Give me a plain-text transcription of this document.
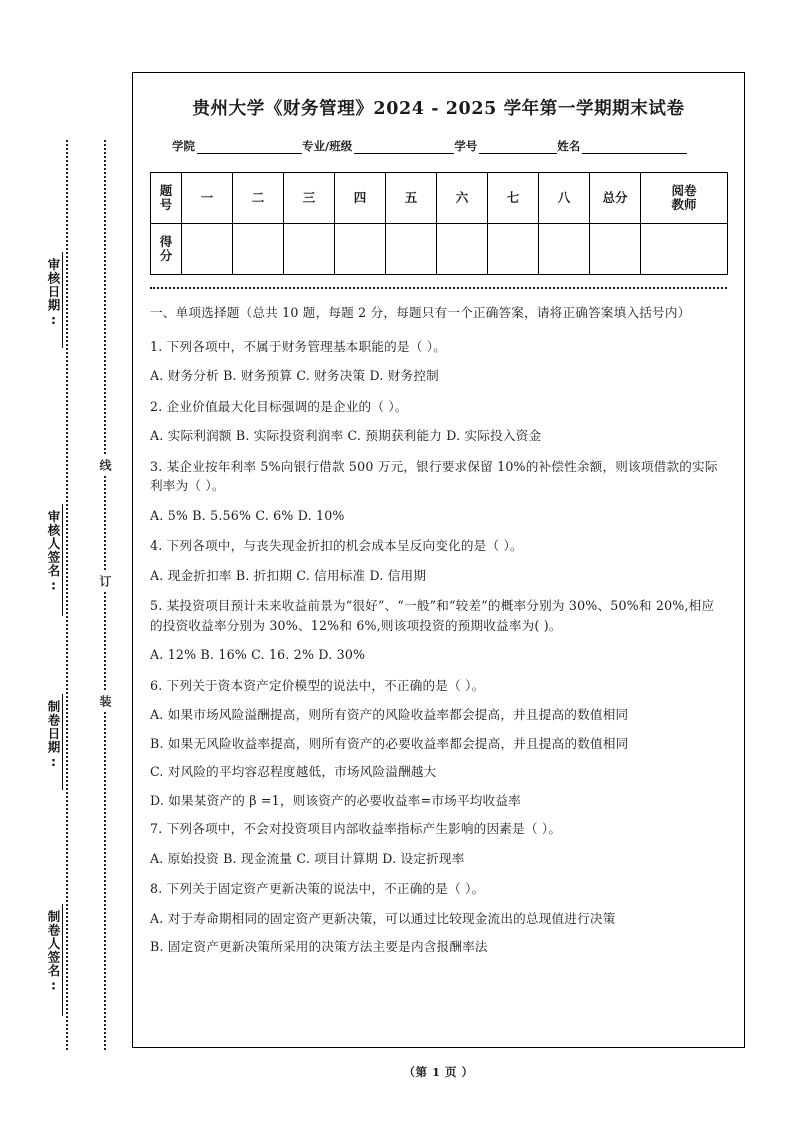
审核日期:
审核人签名:
制卷日期:
制卷人签名:
线
订
装
贵州大学《财务管理》2024 - 2025 学年第一学期期末试卷
学院	专业/班级	学号	姓名
题
号	一	二	三	四	五	六	七	八	总分	阅卷
教师

得
分										

一、单项选择题（总共 10 题，每题 2 分，每题只有一个正确答案，请将正确答案填入括号内）
1. 下列各项中，不属于财务管理基本职能的是（ ）。
A. 财务分析 B. 财务预算 C. 财务决策 D. 财务控制
2. 企业价值最大化目标强调的是企业的（ ）。
A. 实际利润额 B. 实际投资利润率 C. 预期获利能力 D. 实际投入资金
3. 某企业按年利率 5%向银行借款 500 万元，银行要求保留 10%的补偿性余额，则该项借款的实际利率为（ ）。
A. 5% B. 5.56% C. 6% D. 10%
4. 下列各项中，与丧失现金折扣的机会成本呈反向变化的是（ ）。
A. 现金折扣率 B. 折扣期 C. 信用标准 D. 信用期
5. 某投资项目预计未来收益前景为“很好”、“一般”和“较差”的概率分别为 30%、50%和 20%,相应的投资收益率分别为 30%、12%和 6%,则该项投资的预期收益率为( )。
A. 12% B. 16% C. 16. 2% D. 30%
6. 下列关于资本资产定价模型的说法中，不正确的是（ ）。
A. 如果市场风险溢酬提高，则所有资产的风险收益率都会提高，并且提高的数值相同
B. 如果无风险收益率提高，则所有资产的必要收益率都会提高，并且提高的数值相同
C. 对风险的平均容忍程度越低，市场风险溢酬越大
D. 如果某资产的 β =1，则该资产的必要收益率=市场平均收益率
7. 下列各项中，不会对投资项目内部收益率指标产生影响的因素是（ ）。
A. 原始投资 B. 现金流量 C. 项目计算期 D. 设定折现率
8. 下列关于固定资产更新决策的说法中，不正确的是（ ）。
A. 对于寿命期相同的固定资产更新决策，可以通过比较现金流出的总现值进行决策
B. 固定资产更新决策所采用的决策方法主要是内含报酬率法
（第 1 页 ）
